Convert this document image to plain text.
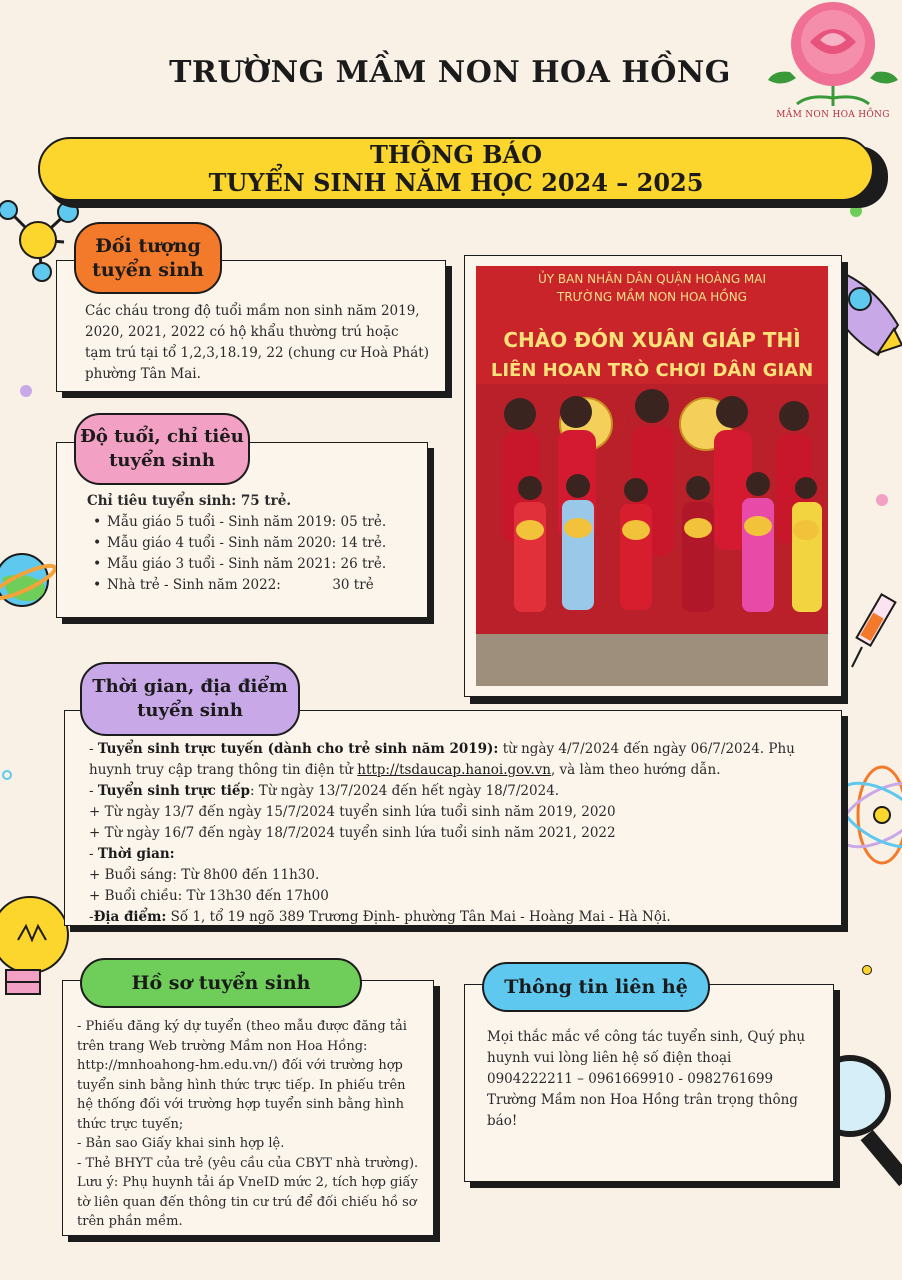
TRƯỜNG MẦM NON HOA HỒNG
MẦM NON HOA HỒNG
THÔNG BÁO
TUYỂN SINH NĂM HỌC 2024 – 2025
Các cháu trong độ tuổi mầm non sinh năm 2019, 2020, 2021, 2022 có hộ khẩu thường trú hoặc tạm trú tại tổ 1,2,3,18.19, 22 (chung cư Hoà Phát) phường Tân Mai.
Đối tượng
tuyển sinh
Chỉ tiêu tuyển sinh: 75 trẻ.
• Mẫu giáo 5 tuổi - Sinh năm 2019: 05 trẻ.
• Mẫu giáo 4 tuổi - Sinh năm 2020: 14 trẻ.
• Mẫu giáo 3 tuổi - Sinh năm 2021: 26 trẻ.
• Nhà trẻ - Sinh năm 2022:            30 trẻ
Độ tuổi, chỉ tiêu
tuyển sinh
ỦY BAN NHÂN DÂN QUẬN HOÀNG MAI
TRƯỜNG MẦM NON HOA HỒNG
CHÀO ĐÓN XUÂN GIÁP THÌ
LIÊN HOAN TRÒ CHƠI DÂN GIAN
2
- Tuyển sinh trực tuyến (dành cho trẻ sinh năm 2019): từ ngày 4/7/2024 đến ngày 06/7/2024. Phụ huynh truy cập trang thông tin điện tử http://tsdaucap.hanoi.gov.vn, và làm theo hướng dẫn.
- Tuyển sinh trực tiếp: Từ ngày 13/7/2024 đến hết ngày 18/7/2024.
+ Từ ngày 13/7 đến ngày 15/7/2024 tuyển sinh lứa tuổi sinh năm 2019, 2020
+ Từ ngày 16/7 đến ngày 18/7/2024 tuyển sinh lứa tuổi sinh năm 2021, 2022
- Thời gian:
+ Buổi sáng: Từ 8h00 đến 11h30.
+ Buổi chiều: Từ 13h30 đến 17h00
-Địa điểm: Số 1, tổ 19 ngõ 389 Trương Định- phường Tân Mai - Hoàng Mai - Hà Nội.
Thời gian, địa điểm
tuyển sinh
- Phiếu đăng ký dự tuyển (theo mẫu được đăng tải trên trang Web trường Mầm non Hoa Hồng: http://mnhoahong-hm.edu.vn/) đối với trường hợp tuyển sinh bằng hình thức trực tiếp. In phiếu trên hệ thống đối với trường hợp tuyển sinh bằng hình thức trực tuyến;
- Bản sao Giấy khai sinh hợp lệ.
- Thẻ BHYT của trẻ (yêu cầu của CBYT nhà trường).
Lưu ý: Phụ huynh tải áp VneID mức 2, tích hợp giấy tờ liên quan đến thông tin cư trú để đối chiếu hồ sơ trên phần mềm.
Hồ sơ tuyển sinh
Mọi thắc mắc về công tác tuyển sinh, Quý phụ huynh vui lòng liên hệ số điện thoại 0904222211 – 0961669910 - 0982761699
Trường Mầm non Hoa Hồng trân trọng thông báo!
Thông tin liên hệ
